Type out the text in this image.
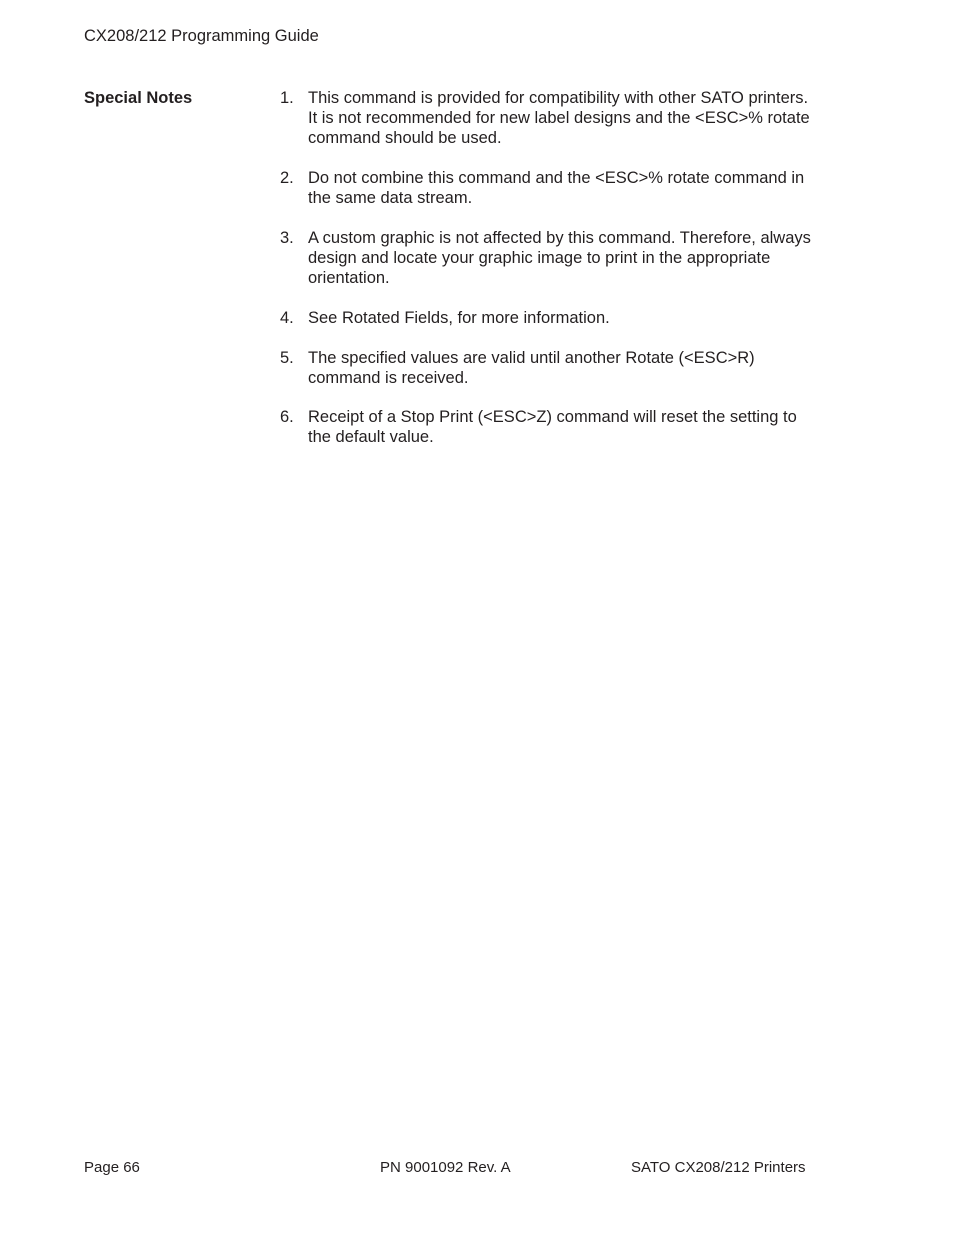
CX208/212 Programming Guide
Special Notes	1. This command is provided for compatibility with other SATO printers. It is not recommended for new label designs and the <ESC>% rotate command should be used.
2. Do not combine this command and the <ESC>% rotate command in the same data stream.
3. A custom graphic is not affected by this command. Therefore, always design and locate your graphic image to print in the appropriate orientation.
4. See Rotated Fields, for more information.
5. The specified values are valid until another Rotate (<ESC>R) command is received.
6. Receipt of a Stop Print (<ESC>Z) command will reset the setting to the default value.
Page 66	PN 9001092 Rev. A	SATO CX208/212 Printers
